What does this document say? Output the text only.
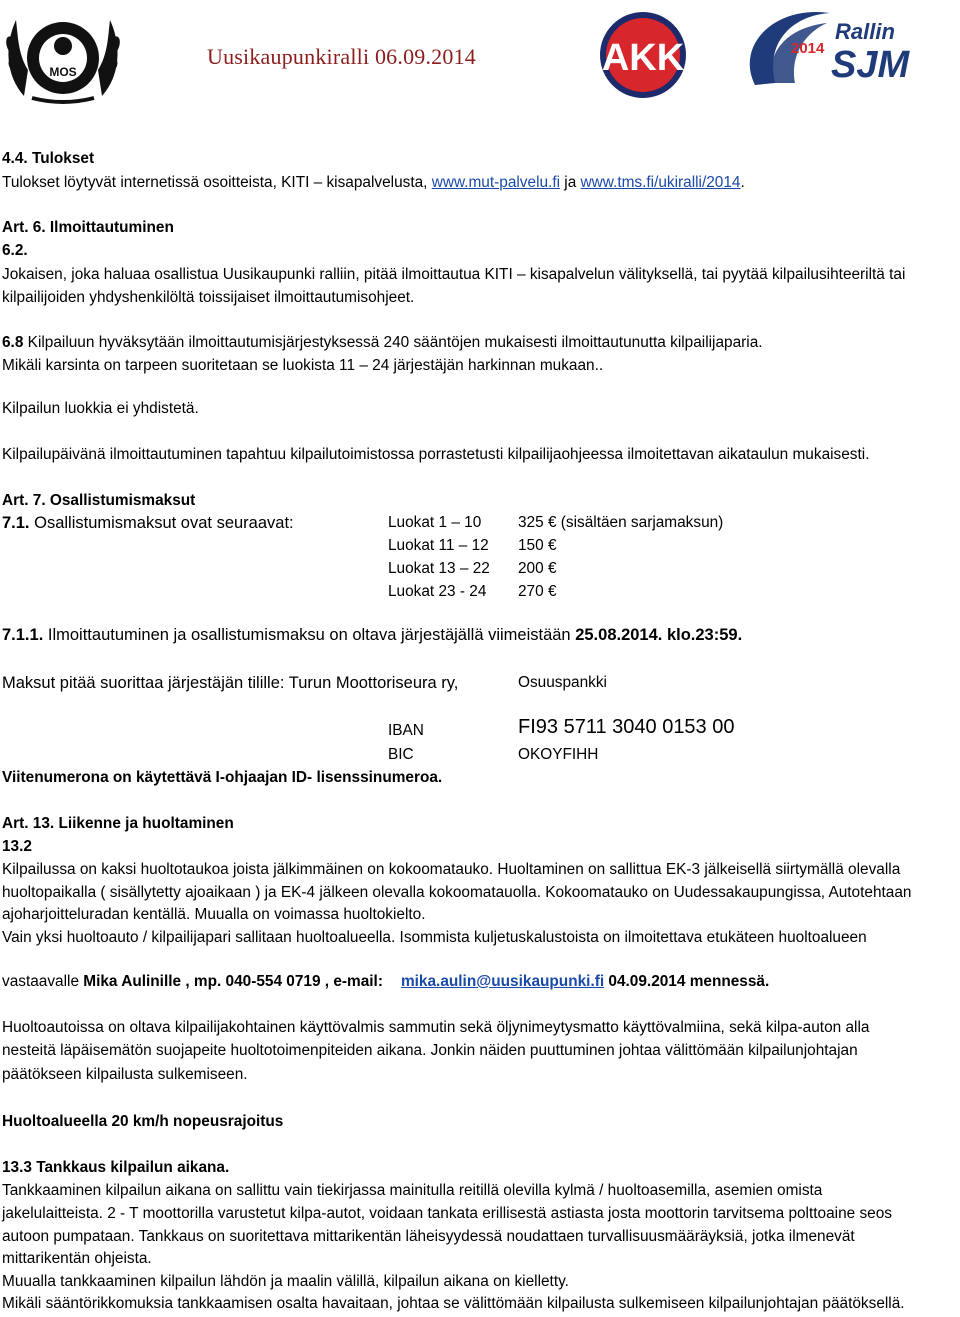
MOS
Uusikaupunkiralli 06.09.2014	AKK	2014
Rallin
SJM
4.4. Tulokset
Tulokset löytyvät internetissä osoitteista, KITI – kisapalvelusta, www.mut-palvelu.fi ja www.tms.fi/ukiralli/2014.
Art. 6. Ilmoittautuminen
6.2.
Jokaisen, joka haluaa osallistua Uusikaupunki ralliin, pitää ilmoittautua KITI – kisapalvelun välityksellä, tai pyytää kilpailusihteeriltä tai
kilpailijoiden yhdyshenkilöltä toissijaiset ilmoittautumisohjeet.
6.8 Kilpailuun hyväksytään ilmoittautumisjärjestyksessä 240 sääntöjen mukaisesti ilmoittautunutta kilpailijaparia.
Mikäli karsinta on tarpeen suoritetaan se luokista 11 – 24 järjestäjän harkinnan mukaan..
Kilpailun luokkia ei yhdistetä.
Kilpailupäivänä ilmoittautuminen tapahtuu kilpailutoimistossa porrastetusti kilpailijaohjeessa ilmoitettavan aikataulun mukaisesti.
Art. 7. Osallistumismaksut
7.1. Osallistumismaksut ovat seuraavat:	Luokat 1 – 10 325 € (sisältäen sarjamaksun)
Luokat 11 – 12 150 €
Luokat 13 – 22 200 €
Luokat 23 - 24 270 €
7.1.1. Ilmoittautuminen ja osallistumismaksu on oltava järjestäjällä viimeistään 25.08.2014. klo.23:59.
Maksut pitää suorittaa järjestäjän tilille: Turun Moottoriseura ry,	Osuuspankki
IBAN	FI93 5711 3040 0153 00
BIC	OKOYFIHH
Viitenumerona on käytettävä I-ohjaajan ID- lisenssinumeroa.
Art. 13. Liikenne ja huoltaminen
13.2
Kilpailussa on kaksi huoltotaukoa joista jälkimmäinen on kokoomatauko. Huoltaminen on sallittua EK-3 jälkeisellä siirtymällä olevalla
huoltopaikalla ( sisällytetty ajoaikaan ) ja EK-4 jälkeen olevalla kokoomatauolla. Kokoomatauko on Uudessakaupungissa, Autotehtaan
ajoharjoitteluradan kentällä. Muualla on voimassa huoltokielto.
Vain yksi huoltoauto / kilpailijapari sallitaan huoltoalueella. Isommista kuljetuskalustoista on ilmoitettava etukäteen huoltoalueen
vastaavalle Mika Aulinille , mp. 040-554 0719 , e-mail: mika.aulin@uusikaupunki.fi 04.09.2014 mennessä.
Huoltoautoissa on oltava kilpailijakohtainen käyttövalmis sammutin sekä öljynimeytysmatto käyttövalmiina, sekä kilpa-auton alla
nesteitä läpäisemätön suojapeite huoltotoimenpiteiden aikana. Jonkin näiden puuttuminen johtaa välittömään kilpailunjohtajan
päätökseen kilpailusta sulkemiseen.
Huoltoalueella 20 km/h nopeusrajoitus
13.3 Tankkaus kilpailun aikana.
Tankkaaminen kilpailun aikana on sallittu vain tiekirjassa mainitulla reitillä olevilla kylmä / huoltoasemilla, asemien omista
jakelulaitteista. 2 - T moottorilla varustetut kilpa-autot, voidaan tankata erillisestä astiasta josta moottorin tarvitsema polttoaine seos
autoon pumpataan. Tankkaus on suoritettava mittarikentän läheisyydessä noudattaen turvallisuusmääräyksiä, jotka ilmenevät
mittarikentän ohjeista.
Muualla tankkaaminen kilpailun lähdön ja maalin välillä, kilpailun aikana on kielletty.
Mikäli sääntörikkomuksia tankkaamisen osalta havaitaan, johtaa se välittömään kilpailusta sulkemiseen kilpailunjohtajan päätöksellä.
